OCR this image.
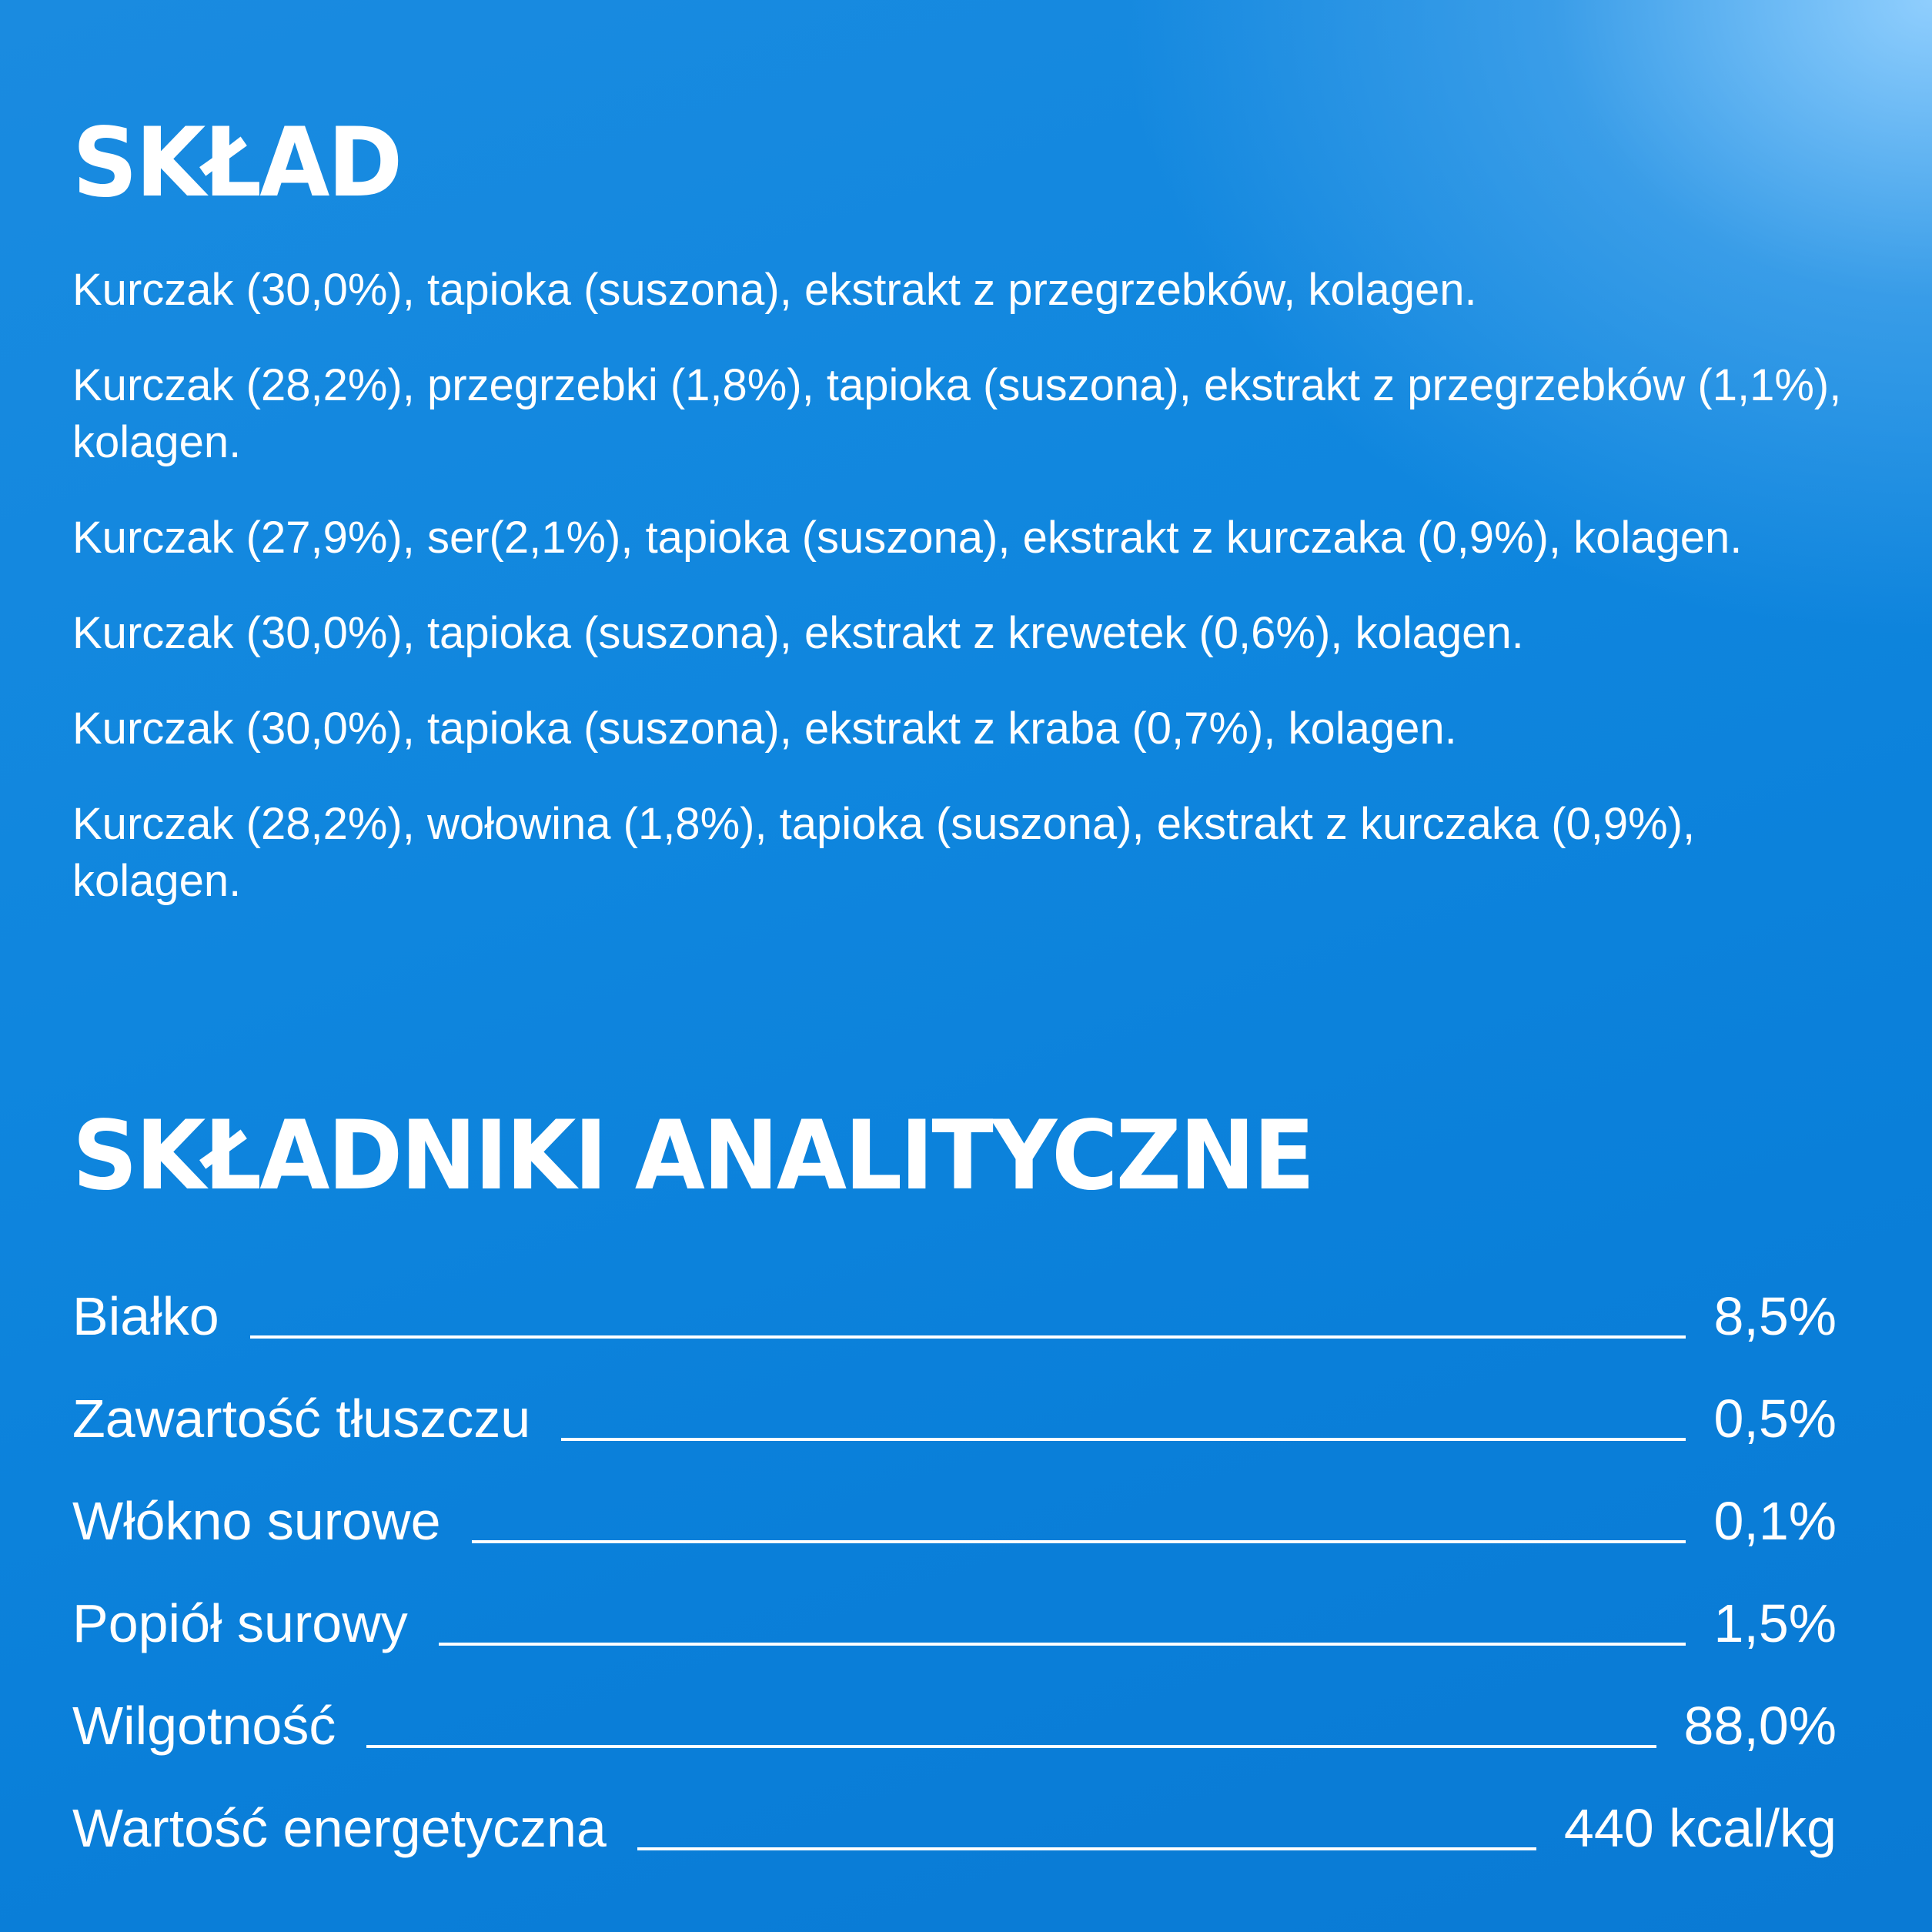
SKŁAD
Kurczak (30,0%), tapioka (suszona), ekstrakt z przegrzebków, kolagen.
Kurczak (28,2%), przegrzebki (1,8%), tapioka (suszona), ekstrakt z przegrzebków (1,1%), kolagen.
Kurczak (27,9%), ser(2,1%), tapioka (suszona), ekstrakt z kurczaka (0,9%), kolagen.
Kurczak (30,0%), tapioka (suszona), ekstrakt z krewetek (0,6%), kolagen.
Kurczak (30,0%), tapioka (suszona), ekstrakt z kraba (0,7%), kolagen.
Kurczak (28,2%), wołowina (1,8%), tapioka (suszona), ekstrakt z kurczaka (0,9%), kolagen.
SKŁADNIKI ANALITYCZNE
Białko	8,5%
Zawartość tłuszczu	0,5%
Włókno surowe	0,1%
Popiół surowy	1,5%
Wilgotność	88,0%
Wartość energetyczna	440 kcal/kg
